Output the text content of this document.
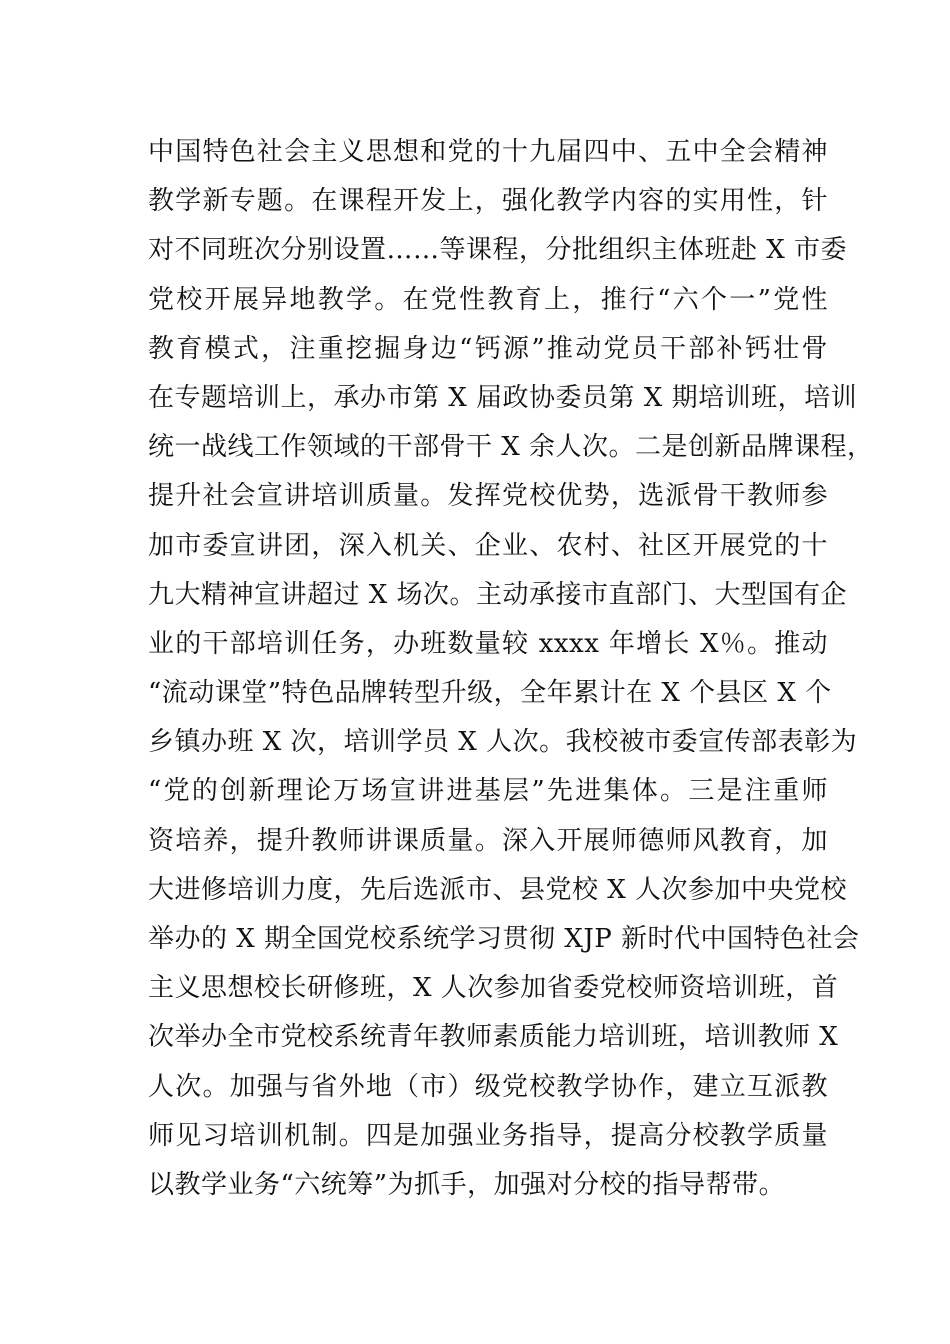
中国特色社会主义思想和党的十九届四中、五中全会精神
教学新专题。在课程开发上，强化教学内容的实用性，针
对不同班次分别设置……等课程，分批组织主体班赴 X 市委
党校开展异地教学。在党性教育上，推行“六个一”党性
教育模式，注重挖掘身边“钙源”推动党员干部补钙壮骨
在专题培训上，承办市第 X 届政协委员第 X 期培训班，培训
统一战线工作领域的干部骨干 X 余人次。二是创新品牌课程，
提升社会宣讲培训质量。发挥党校优势，选派骨干教师参
加市委宣讲团，深入机关、企业、农村、社区开展党的十
九大精神宣讲超过 X 场次。主动承接市直部门、大型国有企
业的干部培训任务，办班数量较 xxxx 年增长 X％。推动
“流动课堂”特色品牌转型升级，全年累计在 X 个县区 X 个
乡镇办班 X 次，培训学员 X 人次。我校被市委宣传部表彰为
“党的创新理论万场宣讲进基层”先进集体。三是注重师
资培养，提升教师讲课质量。深入开展师德师风教育，加
大进修培训力度，先后选派市、县党校 X 人次参加中央党校
举办的 X 期全国党校系统学习贯彻 XJP 新时代中国特色社会
主义思想校长研修班，X 人次参加省委党校师资培训班，首
次举办全市党校系统青年教师素质能力培训班，培训教师 X
人次。加强与省外地（市）级党校教学协作，建立互派教
师见习培训机制。四是加强业务指导，提高分校教学质量
以教学业务“六统筹”为抓手，加强对分校的指导帮带。
